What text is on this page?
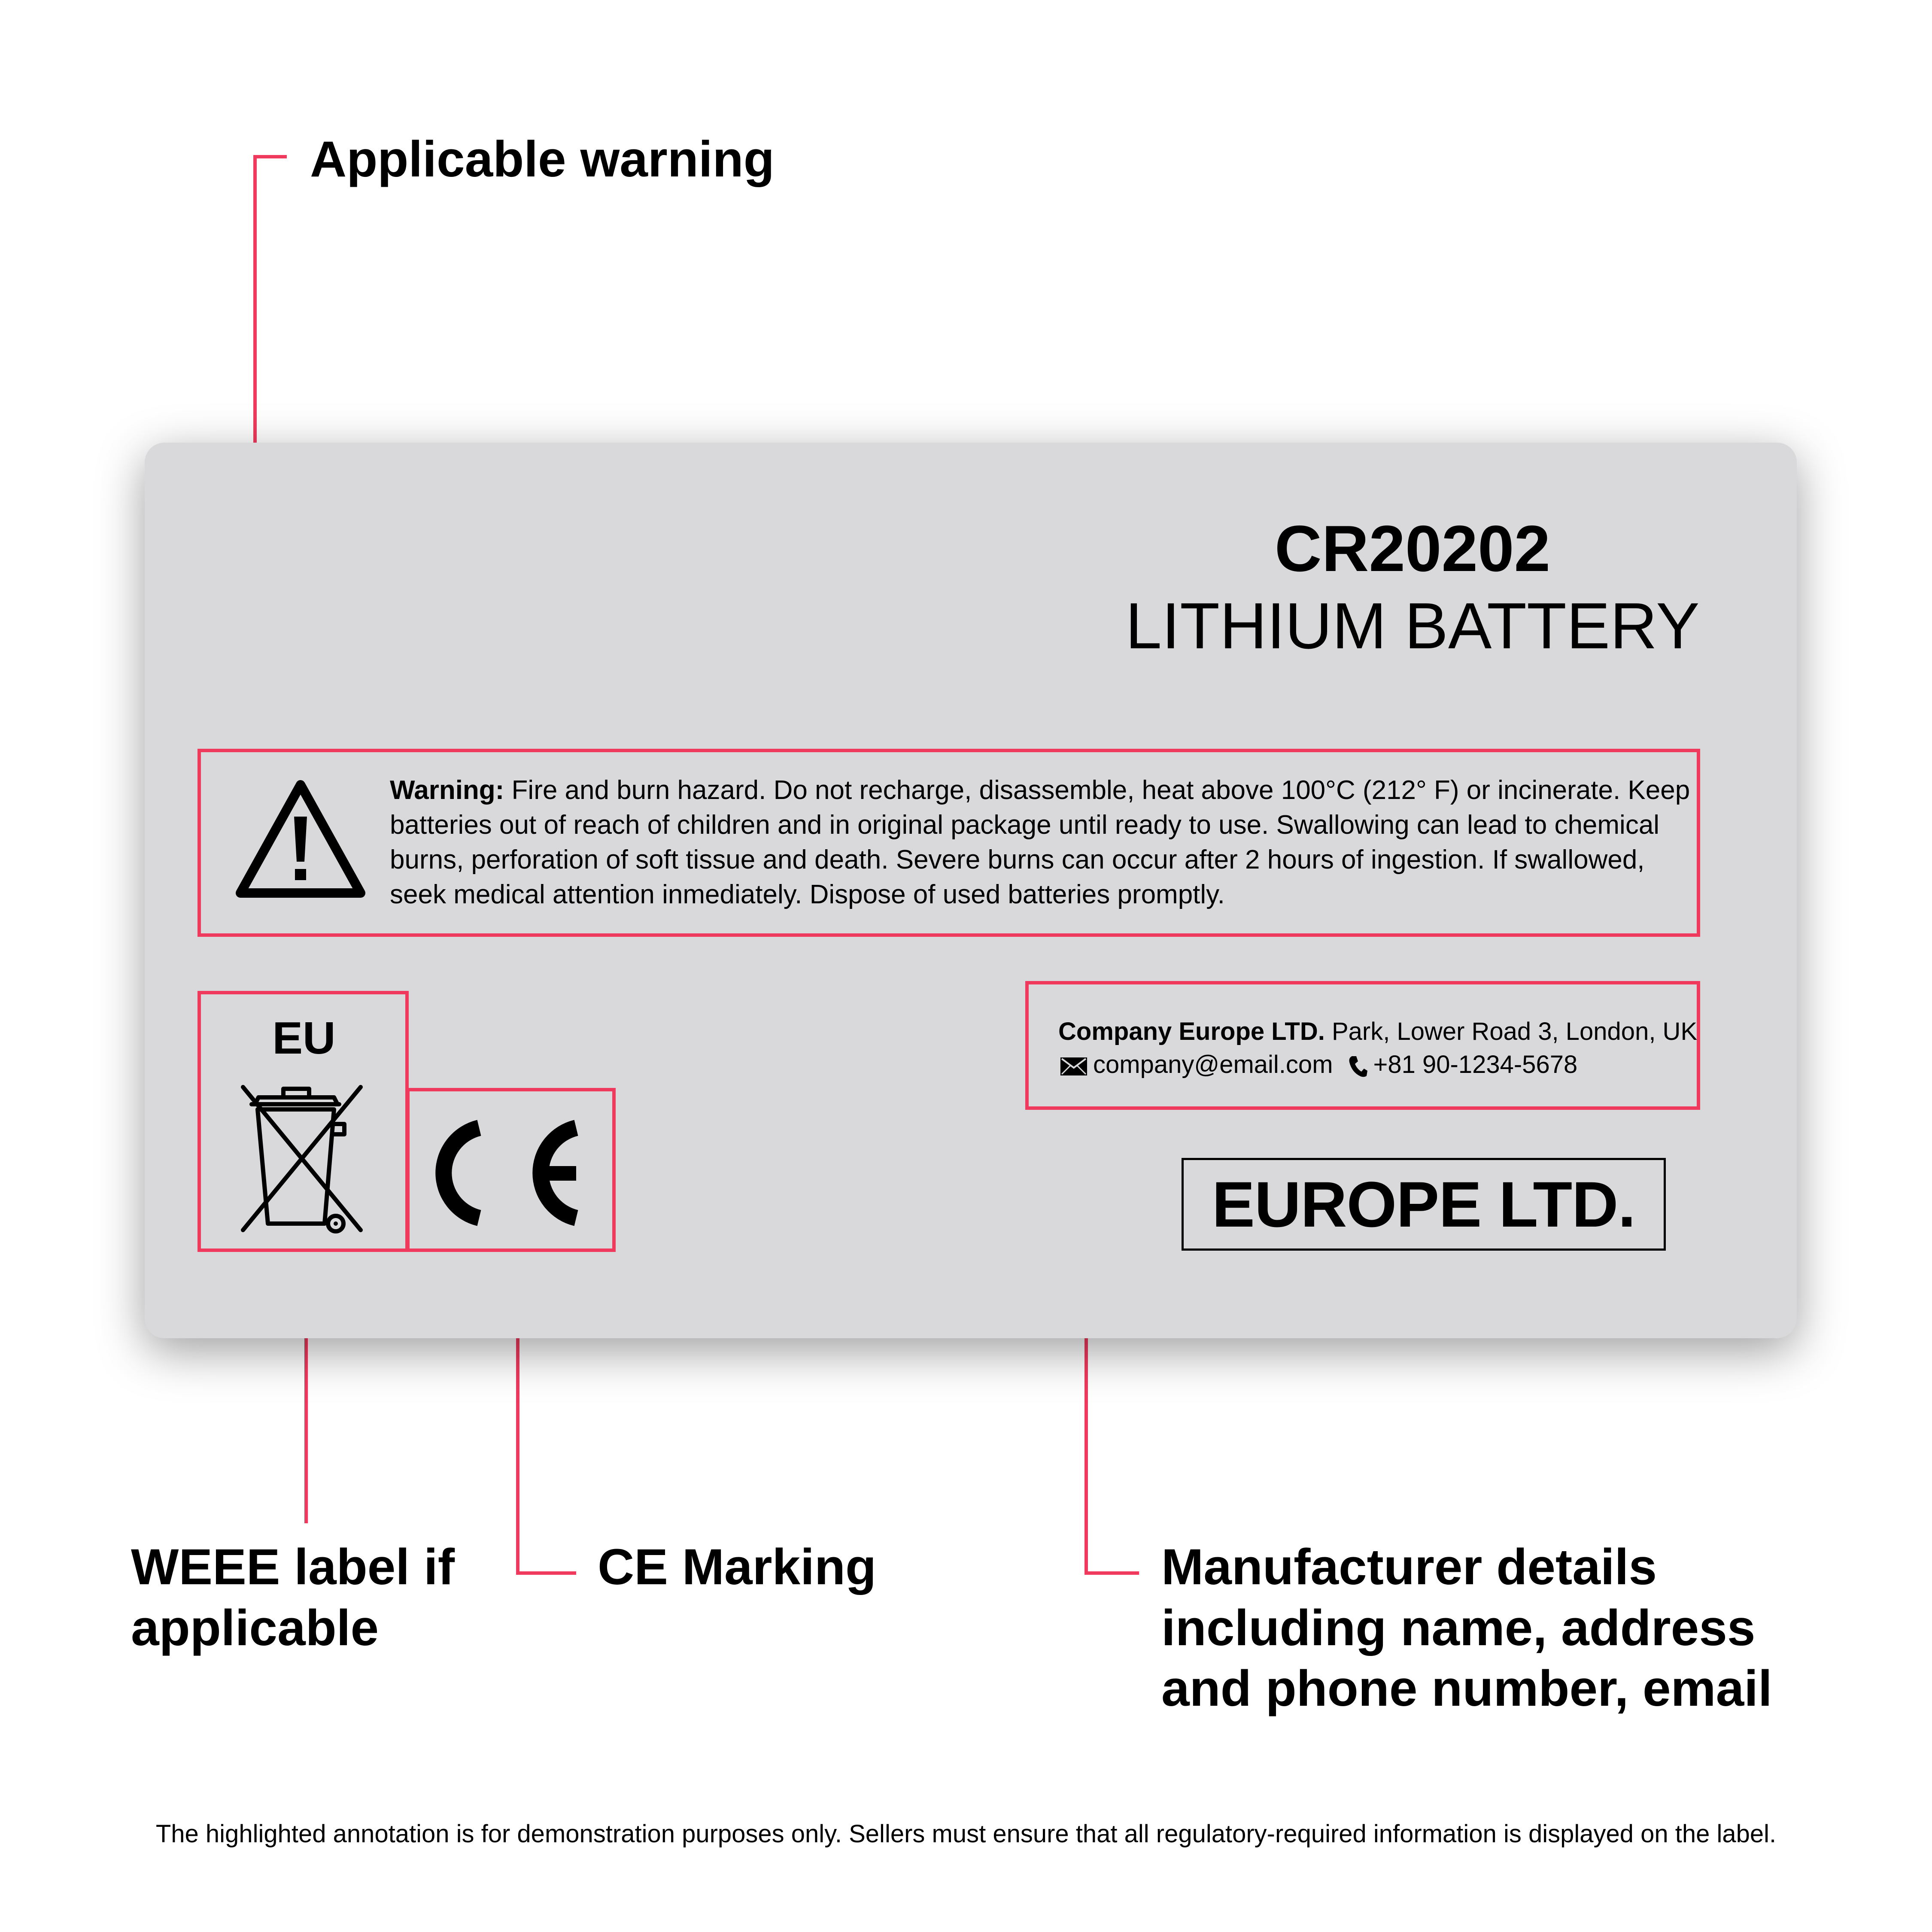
Applicable warning
WEEE label if
applicable
CE Marking	Manufacturer details
including name, address
and phone number, email
CR20202
LITHIUM BATTERY
Warning: Fire and burn hazard. Do not recharge, disassemble, heat above 100°C (212° F) or incinerate. Keep batteries out of reach of children and in original package until ready to use. Swallowing can lead to chemical burns, perforation of soft tissue and death. Severe burns can occur after 2 hours of ingestion. If swallowed, seek medical attention inmediately. Dispose of used batteries promptly.
EU	Company Europe LTD. Park, Lower Road 3, London, UK
company@email.com +81 90-1234-5678
EUROPE LTD.
The highlighted annotation is for demonstration purposes only. Sellers must ensure that all regulatory-required information is displayed on the label.
